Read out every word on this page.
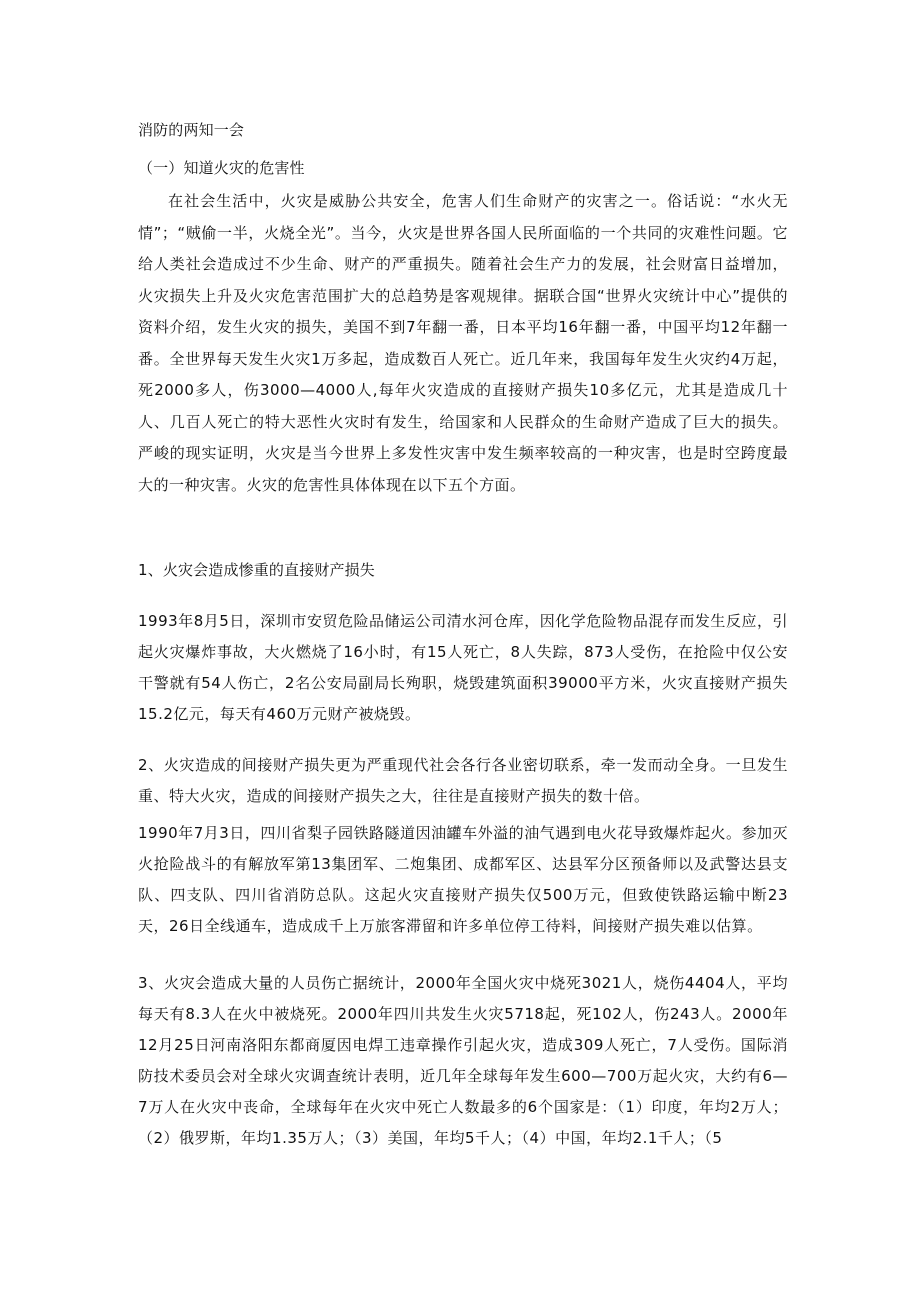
消防的两知一会
（一）知道火灾的危害性
在社会生活中，火灾是威胁公共安全，危害人们生命财产的灾害之一。俗话说：“水火无情”；“贼偷一半，火烧全光”。当今，火灾是世界各国人民所面临的一个共同的灾难性问题。它给人类社会造成过不少生命、财产的严重损失。随着社会生产力的发展，社会财富日益增加，火灾损失上升及火灾危害范围扩大的总趋势是客观规律。据联合国“世界火灾统计中心”提供的资料介绍，发生火灾的损失，美国不到7年翻一番，日本平均16年翻一番，中国平均12年翻一番。全世界每天发生火灾1万多起，造成数百人死亡。近几年来，我国每年发生火灾约4万起，死2000多人，伤3000—4000人,每年火灾造成的直接财产损失10多亿元，尤其是造成几十人、几百人死亡的特大恶性火灾时有发生，给国家和人民群众的生命财产造成了巨大的损失。严峻的现实证明，火灾是当今世界上多发性灾害中发生频率较高的一种灾害，也是时空跨度最大的一种灾害。火灾的危害性具体体现在以下五个方面。
1、火灾会造成惨重的直接财产损失
1993年8月5日，深圳市安贸危险品储运公司清水河仓库，因化学危险物品混存而发生反应，引起火灾爆炸事故，大火燃烧了16小时，有15人死亡，8人失踪，873人受伤，在抢险中仅公安干警就有54人伤亡，2名公安局副局长殉职，烧毁建筑面积39000平方米，火灾直接财产损失15.2亿元，每天有460万元财产被烧毁。
2、火灾造成的间接财产损失更为严重现代社会各行各业密切联系，牵一发而动全身。一旦发生重、特大火灾，造成的间接财产损失之大，往往是直接财产损失的数十倍。
1990年7月3日，四川省梨子园铁路隧道因油罐车外溢的油气遇到电火花导致爆炸起火。参加灭火抢险战斗的有解放军第13集团军、二炮集团、成都军区、达县军分区预备师以及武警达县支队、四支队、四川省消防总队。这起火灾直接财产损失仅500万元，但致使铁路运输中断23天，26日全线通车，造成成千上万旅客滞留和许多单位停工待料，间接财产损失难以估算。
3、火灾会造成大量的人员伤亡据统计，2000年全国火灾中烧死3021人，烧伤4404人，平均每天有8.3人在火中被烧死。2000年四川共发生火灾5718起，死102人，伤243人。2000年12月25日河南洛阳东都商厦因电焊工违章操作引起火灾，造成309人死亡，7人受伤。国际消防技术委员会对全球火灾调查统计表明，近几年全球每年发生600—700万起火灾，大约有6—7万人在火灾中丧命，全球每年在火灾中死亡人数最多的6个国家是：（1）印度，年均2万人；（2）俄罗斯，年均1.35万人；（3）美国，年均5千人；（4）中国，年均2.1千人；（5
